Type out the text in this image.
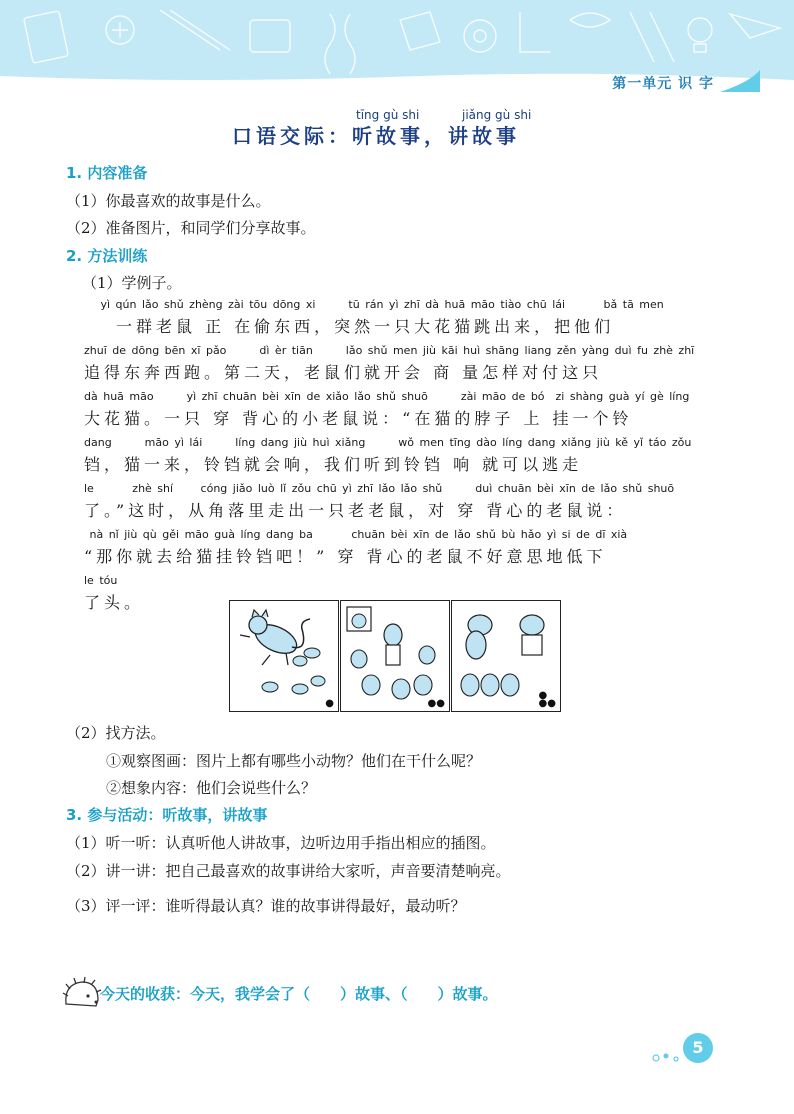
第一单元 识 字
tīng gù shi	jiǎng gù shi
口语交际：听故事，讲故事
1. 内容准备
（1）你最喜欢的故事是什么。
（2）准备图片，和同学们分享故事。
2. 方法训练
（1）学例子。
yì qún lǎo shǔ zhèng zài tōu dōng xi      tū rán yì zhī dà huā māo tiào chū lái       bǎ tā men
一群老鼠 正 在偷东西，突然一只大花猫跳出来，把他们
zhuī de dōng bēn xī pǎo      dì èr tiān      lǎo shǔ men jiù kāi huì shāng liang zěn yàng duì fu zhè zhī
追得东奔西跑。第二天，老鼠们就开会 商 量怎样对付这只
dà huā māo      yì zhī chuān bèi xīn de xiǎo lǎo shǔ shuō      zài māo de bó  zi shàng guà yí gè líng
大花猫。一只 穿 背心的小老鼠说：“在猫的脖子 上 挂一个铃
dang      māo yì lái      líng dang jiù huì xiǎng      wǒ men tīng dào líng dang xiǎng jiù kě yǐ táo zǒu
铛，猫一来，铃铛就会响，我们听到铃铛 响 就可以逃走
le       zhè shí     cóng jiǎo luò lǐ zǒu chū yì zhī lǎo lǎo shǔ      duì chuān bèi xīn de lǎo shǔ shuō
了。”这时，从角落里走出一只老老鼠，对 穿 背心的老鼠说：
nà nǐ jiù qù gěi māo guà líng dang ba       chuān bèi xīn de lǎo shǔ bù hǎo yì si de dī xià
“那你就去给猫挂铃铛吧！” 穿 背心的老鼠不好意思地低下
le tóu
了头。
●	●●
●
●●
（2）找方法。
①观察图画：图片上都有哪些小动物？他们在干什么呢？
②想象内容：他们会说些什么？
3. 参与活动：听故事，讲故事
（1）听一听：认真听他人讲故事，边听边用手指出相应的插图。
（2）讲一讲：把自己最喜欢的故事讲给大家听，声音要清楚响亮。
（3）评一评：谁听得最认真？谁的故事讲得最好，最动听？
今天的收获：今天，我学会了（　　）故事、（　　）故事。
5
